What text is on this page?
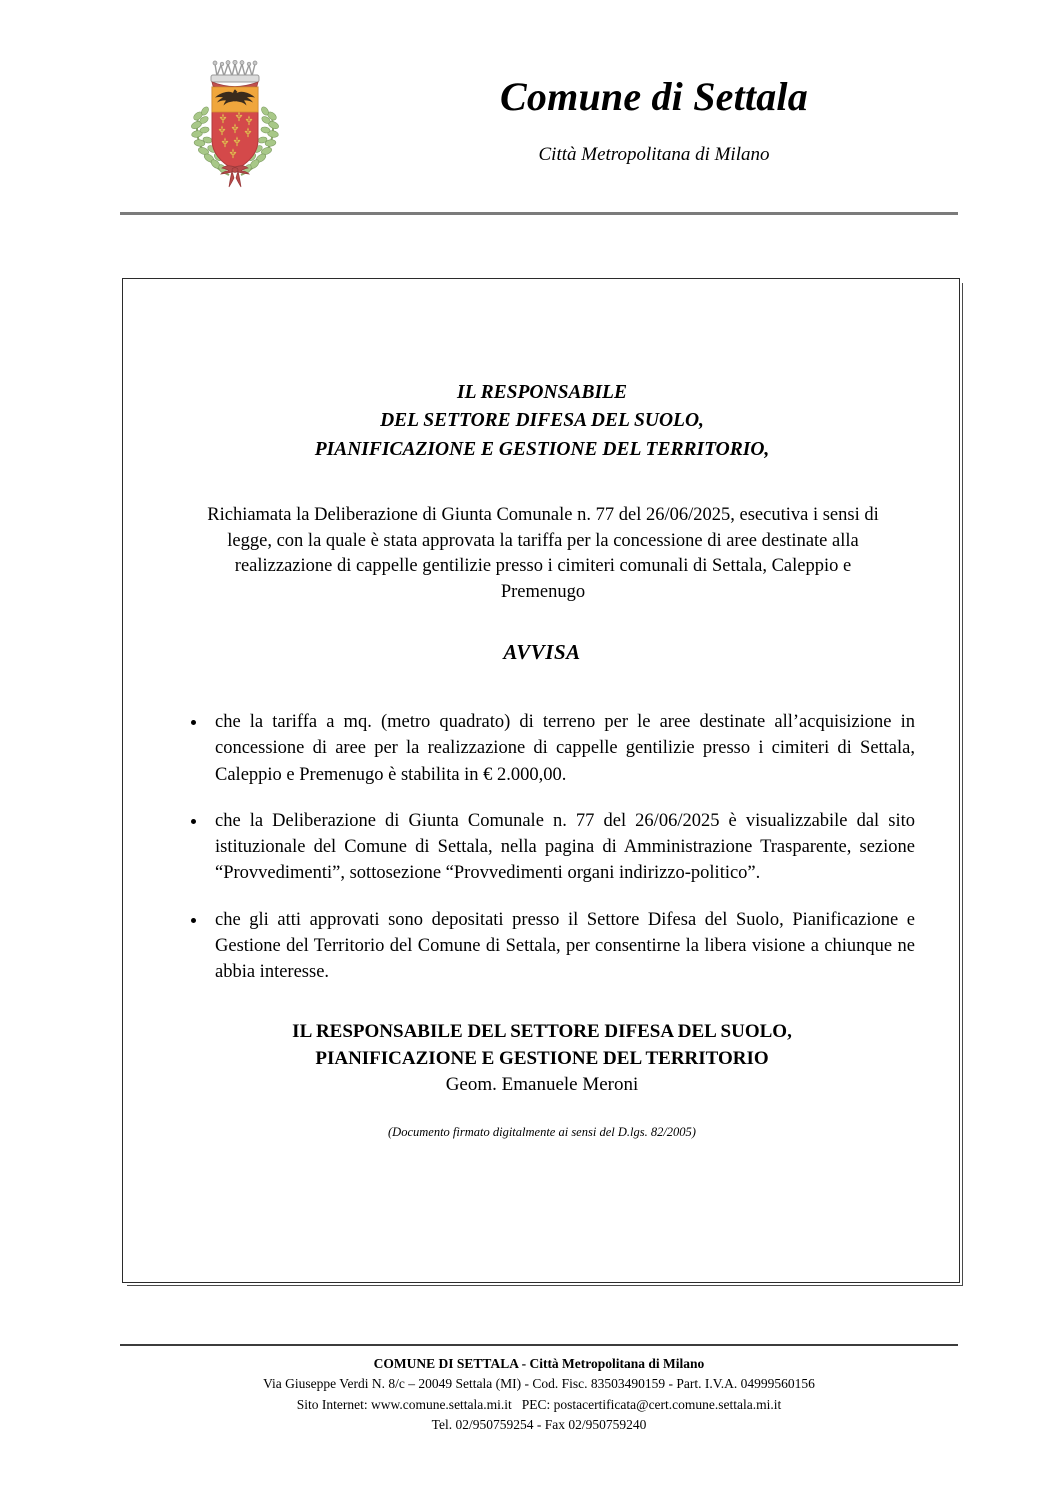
Comune di Settala
Città Metropolitana di Milano
IL RESPONSABILE
DEL SETTORE DIFESA DEL SUOLO,
PIANIFICAZIONE E GESTIONE DEL TERRITORIO,
Richiamata la Deliberazione di Giunta Comunale n. 77 del 26/06/2025, esecutiva i sensi di legge, con la quale è stata approvata la tariffa per la concessione di aree destinate alla realizzazione di cappelle gentilizie presso i cimiteri comunali di Settala, Caleppio e Premenugo
AVVISA
che la tariffa a mq. (metro quadrato) di terreno per le aree destinate all’acquisizione in concessione di aree per la realizzazione di cappelle gentilizie presso i cimiteri di Settala, Caleppio e Premenugo è stabilita in € 2.000,00.
che la Deliberazione di Giunta Comunale n. 77 del 26/06/2025 è visualizzabile dal sito istituzionale del Comune di Settala, nella pagina di Amministrazione Trasparente, sezione “Provvedimenti”, sottosezione “Provvedimenti organi indirizzo-politico”.
che gli atti approvati sono depositati presso il Settore Difesa del Suolo, Pianificazione e Gestione del Territorio del Comune di Settala, per consentirne la libera visione a chiunque ne abbia interesse.
IL RESPONSABILE DEL SETTORE DIFESA DEL SUOLO,
PIANIFICAZIONE E GESTIONE DEL TERRITORIO
Geom. Emanuele Meroni
(Documento firmato digitalmente ai sensi del D.lgs. 82/2005)
COMUNE DI SETTALA - Città Metropolitana di Milano
Via Giuseppe Verdi N. 8/c – 20049 Settala (MI) - Cod. Fisc. 83503490159 - Part. I.V.A. 04999560156
Sito Internet: www.comune.settala.mi.it PEC: postacertificata@cert.comune.settala.mi.it
Tel. 02/950759254 - Fax 02/950759240
